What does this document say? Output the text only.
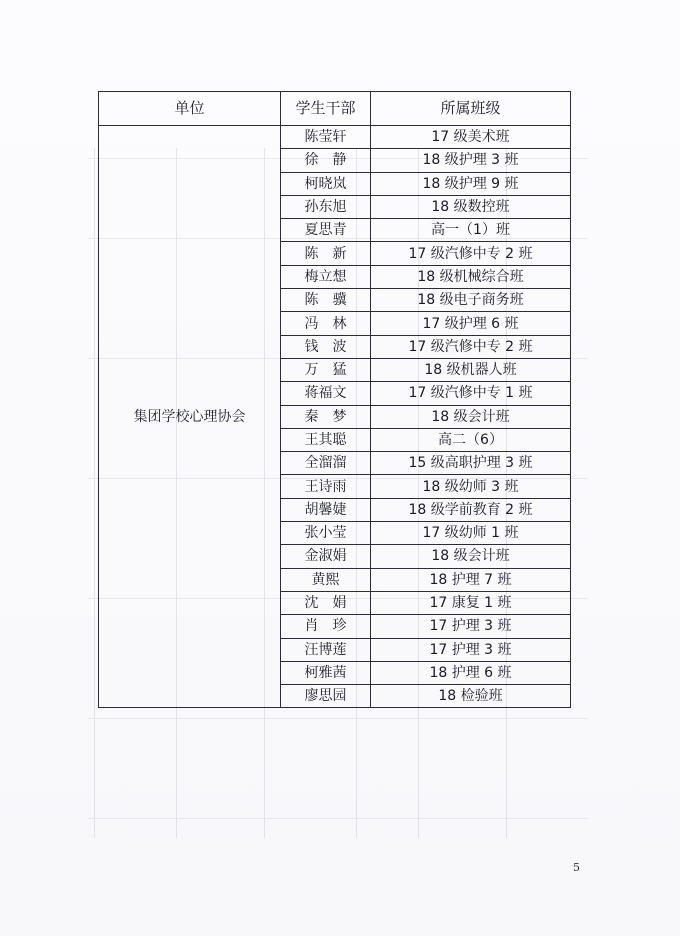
单位	学生干部	所属班级
集团学校心理协会	陈莹轩	17 级美术班
	徐　静	18 级护理 3 班
	柯晓岚	18 级护理 9 班
	孙东旭	18 级数控班
	夏思青	高一（1）班
	陈　新	17 级汽修中专 2 班
	梅立想	18 级机械综合班
	陈　骥	18 级电子商务班
	冯　林	17 级护理 6 班
	钱　波	17 级汽修中专 2 班
	万　猛	18 级机器人班
	蒋福文	17 级汽修中专 1 班
	秦　梦	18 级会计班
	王其聪	高二（6）
	全溜溜	15 级高职护理 3 班
	王诗雨	18 级幼师 3 班
	胡馨婕	18 级学前教育 2 班
	张小莹	17 级幼师 1 班
	金淑娟	18 级会计班
	黄熙	18 护理 7 班
	沈　娟	17 康复 1 班
	肖　珍	17 护理 3 班
	汪博莲	17 护理 3 班
	柯雅茜	18 护理 6 班
	廖思园	18 检验班
5
